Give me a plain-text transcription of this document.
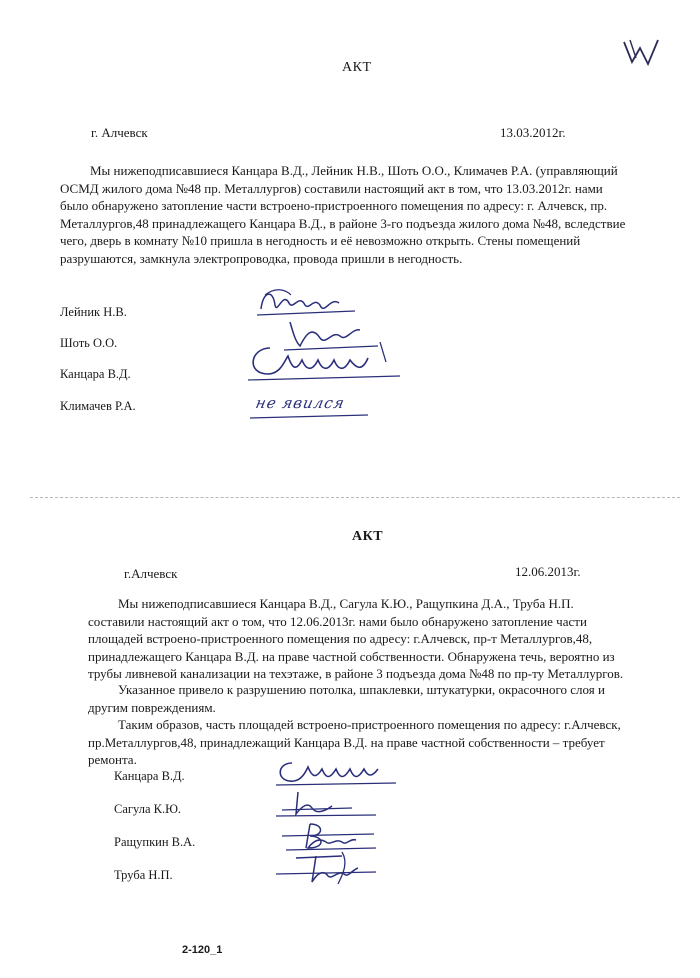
АКТ
г. Алчевск	13.03.2012г.
Мы нижеподписавшиеся Канцара В.Д., Лейник Н.В., Шоть О.О., Климачев Р.А. (управляющий
ОСМД жилого дома №48 пр. Металлургов) составили настоящий акт в том, что 13.03.2012г. нами
было обнаружено затопление части встроено-пристроенного помещения по адресу: г. Алчевск, пр.
Металлургов,48 принадлежащего Канцара В.Д., в районе 3-го подъезда жилого дома №48, вследствие
чего, дверь в комнату №10 пришла в негодность и её невозможно открыть. Стены помещений
разрушаются, замкнула электропроводка, провода пришли в негодность.
Лейник Н.В.
Шоть О.О.
Канцара В.Д.
Климачев Р.А.	не явился
АКТ
г.Алчевск	12.06.2013г.
Мы нижеподписавшиеся Канцара В.Д., Сагула К.Ю., Ращупкина Д.А., Труба Н.П.
составили настоящий акт о том, что 12.06.2013г. нами было обнаружено затопление части
площадей встроено-пристроенного помещения по адресу: г.Алчевск, пр-т Металлургов,48,
принадлежащего Канцара В.Д. на праве частной собственности. Обнаружена течь, вероятно из
трубы ливневой канализации на техэтаже, в районе 3 подъезда дома №48 по пр-ту Металлургов.
Указанное привело к разрушению потолка, шпаклевки, штукатурки, окрасочного слоя и
другим повреждениям.
Таким образов, часть площадей встроено-пристроенного помещения по адресу: г.Алчевск,
пр.Металлургов,48, принадлежащий Канцара В.Д. на праве частной собственности – требует
ремонта.
Канцара В.Д.
Сагула К.Ю.
Ращупкин В.А.
Труба Н.П.
2-120_1
